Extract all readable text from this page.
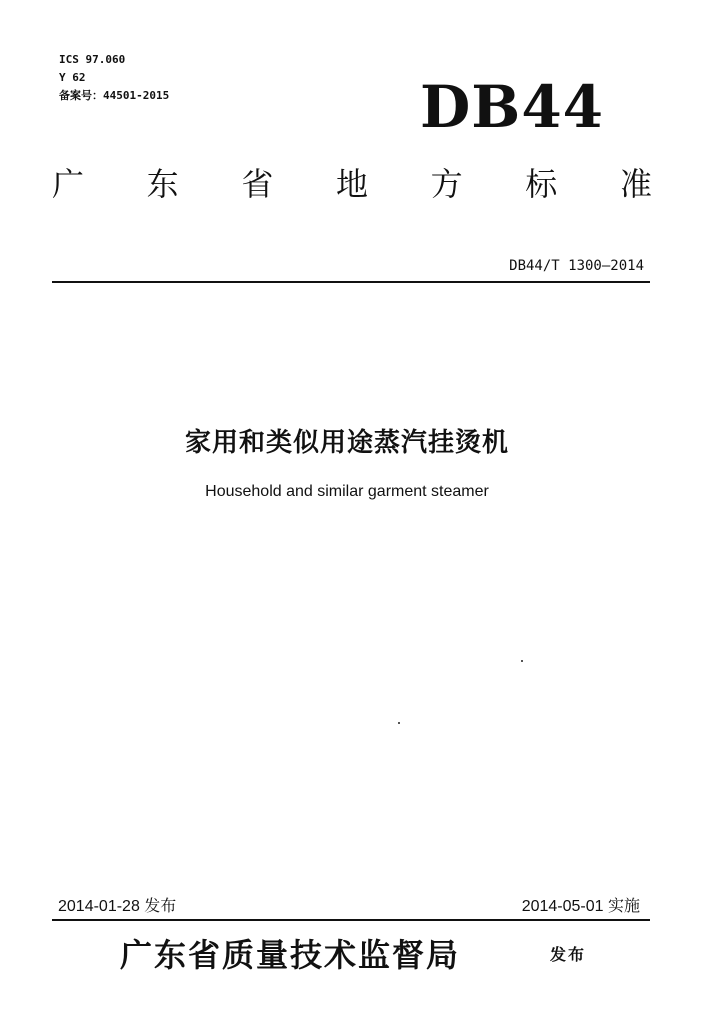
ICS 97.060
Y 62
备案号：44501-2015	DB44
广 东 省 地 方 标 准
DB44/T 1300—2014
家用和类似用途蒸汽挂烫机
Household and similar garment steamer
2014-01-28 发布	2014-05-01 实施
广东省质量技术监督局	发布
